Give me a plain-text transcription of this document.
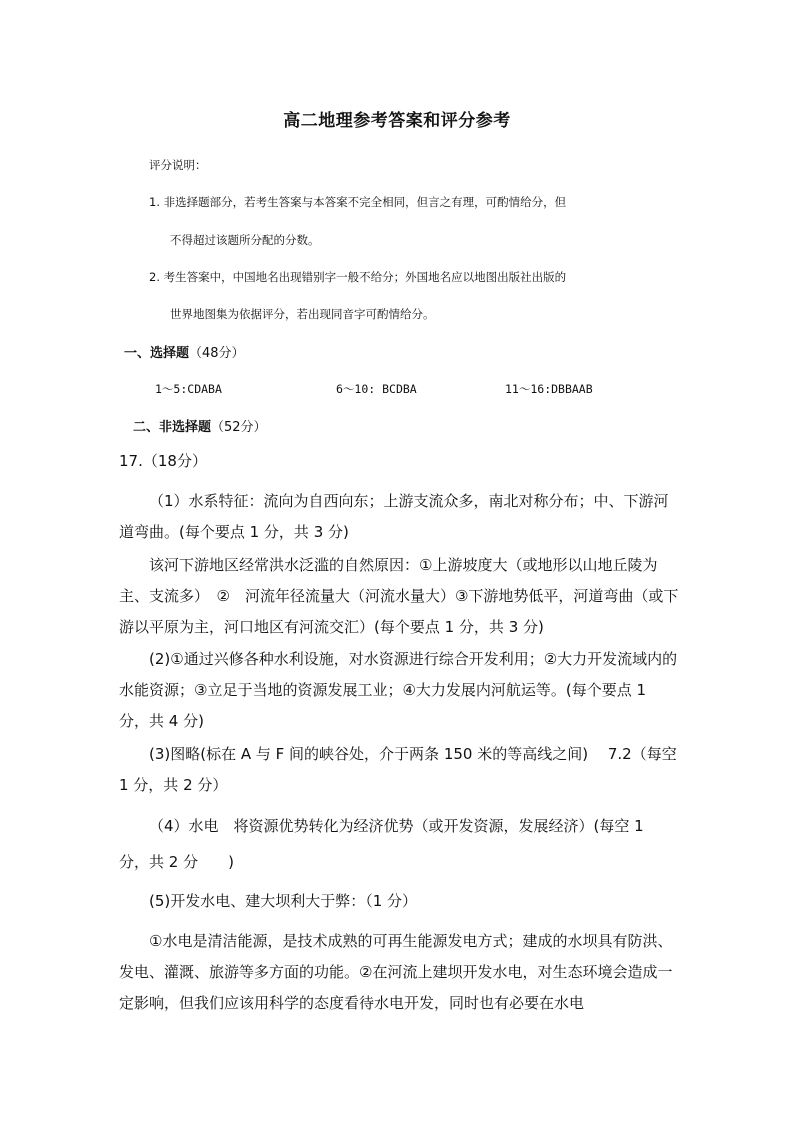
高二地理参考答案和评分参考
评分说明：
1. 非选择题部分，若考生答案与本答案不完全相同，但言之有理，可酌情给分，但
不得超过该题所分配的分数。
2. 考生答案中，中国地名出现错别字一般不给分；外国地名应以地图出版社出版的
世界地图集为依据评分，若出现同音字可酌情给分。
一、选择题（48分）
1～5:CDABA	6～10: BCDBA	11～16:DBBAAB
二、非选择题（52分）
17.（18分）
（1）水系特征：流向为自西向东；上游支流众多，南北对称分布；中、下游河道弯曲。(每个要点 1 分，共 3 分)
该河下游地区经常洪水泛滥的自然原因：①上游坡度大（或地形以山地丘陵为主、支流多）　②　河流年径流量大（河流水量大）③下游地势低平，河道弯曲（或下游以平原为主，河口地区有河流交汇）(每个要点 1 分，共 3 分)
(2)①通过兴修各种水利设施，对水资源进行综合开发利用；②大力开发流域内的水能资源；③立足于当地的资源发展工业；④大力发展内河航运等。(每个要点 1 分，共 4 分)
(3)图略(标在 A 与 F 间的峡谷处，介于两条 150 米的等高线之间)　 7.2（每空 1 分，共 2 分）
（4）水电　将资源优势转化为经济优势（或开发资源，发展经济）(每空 1
分，共 2 分　　)
(5)开发水电、建大坝利大于弊：（1 分）
①水电是清洁能源，是技术成熟的可再生能源发电方式；建成的水坝具有防洪、发电、灌溉、旅游等多方面的功能。②在河流上建坝开发水电，对生态环境会造成一定影响，但我们应该用科学的态度看待水电开发，同时也有必要在水电
